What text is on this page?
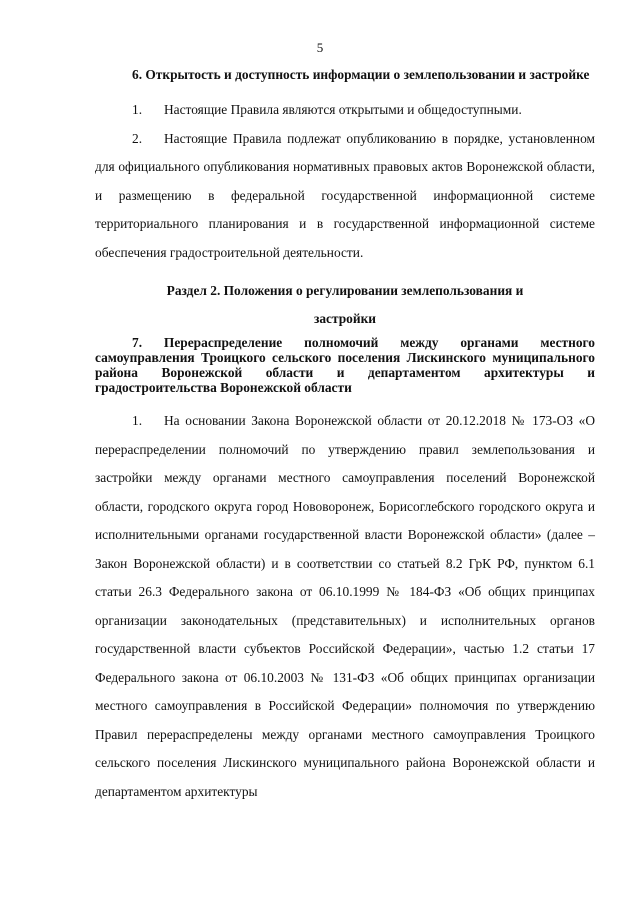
5

6. Открытость и доступность информации о землепользовании и застройке

1. Настоящие Правила являются открытыми и общедоступными.

2. Настоящие Правила подлежат опубликованию в порядке, установленном для официального опубликования нормативных правовых актов Воронежской области, и размещению в федеральной государственной информационной системе территориального планирования и в государственной информационной системе обеспечения градостроительной деятельности.

Раздел 2. Положения о регулировании землепользования и

застройки

7. Перераспределение полномочий между органами местного самоуправления Троицкого сельского поселения Лискинского муниципального района Воронежской области и департаментом архитектуры и градостроительства Воронежской области

1. На основании Закона Воронежской области от 20.12.2018 № 173-ОЗ «О перераспределении полномочий по утверждению правил землепользования и застройки между органами местного самоуправления поселений Воронежской области, городского округа город Нововоронеж, Борисоглебского городского округа и исполнительными органами государственной власти Воронежской области» (далее – Закон Воронежской области) и в соответствии со статьей 8.2 ГрК РФ, пунктом 6.1 статьи 26.3 Федерального закона от 06.10.1999 № 184-ФЗ «Об общих принципах организации законодательных (представительных) и исполнительных органов государственной власти субъектов Российской Федерации», частью 1.2 статьи 17 Федерального закона от 06.10.2003 № 131-ФЗ «Об общих принципах организации местного самоуправления в Российской Федерации» полномочия по утверждению Правил перераспределены между органами местного самоуправления Троицкого сельского поселения Лискинского муниципального района Воронежской области и департаментом архитектуры
